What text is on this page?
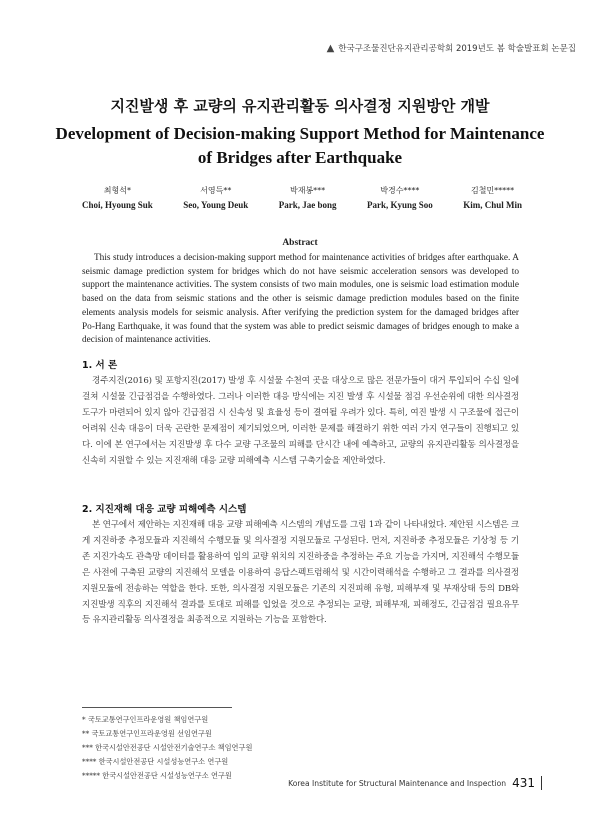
▲ 한국구조물진단유지관리공학회 2019년도 봄 학술발표회 논문집
지진발생 후 교량의 유지관리활동 의사결정 지원방안 개발
Development of Decision-making Support Method for Maintenance
of Bridges after Earthquake
최형석*
Choi, Hyoung Suk
서영득**
Seo, Young Deuk
박재봉***
Park, Jae bong
박경수****
Park, Kyung Soo
김철민*****
Kim, Chul Min
Abstract
This study introduces a decision-making support method for maintenance activities of bridges after earthquake. A seismic damage prediction system for bridges which do not have seismic acceleration sensors was developed to support the maintenance activities. The system consists of two main modules, one is seismic load estimation module based on the data from seismic stations and the other is seismic damage prediction modules based on the finite elements analysis models for seismic analysis. After verifying the prediction system for the damaged bridges after Po-Hang Earthquake, it was found that the system was able to predict seismic damages of bridges enough to make a decision of maintenance activities.
1. 서 론
경주지진(2016) 및 포항지진(2017) 발생 후 시설물 수천여 곳을 대상으로 많은 전문가들이 대거 투입되어 수십 일에 걸쳐 시설물 긴급점검을 수행하였다. 그러나 이러한 대응 방식에는 지진 발생 후 시설물 점검 우선순위에 대한 의사결정 도구가 마련되어 있지 않아 긴급점검 시 신속성 및 효율성 등이 결여될 우려가 있다. 특히, 여진 발생 시 구조물에 접근이 어려워 신속 대응이 더욱 곤란한 문제점이 제기되었으며, 이러한 문제를 해결하기 위한 여러 가지 연구들이 진행되고 있다. 이에 본 연구에서는 지진발생 후 다수 교량 구조물의 피해를 단시간 내에 예측하고, 교량의 유지관리활동 의사결정을 신속히 지원할 수 있는 지진재해 대응 교량 피해예측 시스템 구축기술을 제안하였다.
2. 지진재해 대응 교량 피해예측 시스템
본 연구에서 제안하는 지진재해 대응 교량 피해예측 시스템의 개념도를 그림 1과 같이 나타내었다. 제안된 시스템은 크게 지진하중 추정모듈과 지진해석 수행모듈 및 의사결정 지원모듈로 구성된다. 먼저, 지진하중 추정모듈은 기상청 등 기존 지진가속도 관측망 데이터를 활용하여 임의 교량 위치의 지진하중을 추정하는 주요 기능을 가지며, 지진해석 수행모듈은 사전에 구축된 교량의 지진해석 모델을 이용하여 응답스펙트럼해석 및 시간이력해석을 수행하고 그 결과를 의사결정 지원모듈에 전송하는 역할을 한다. 또한, 의사결정 지원모듈은 기존의 지진피해 유형, 피해부재 및 부재상태 등의 DB와 지진발생 직후의 지진해석 결과를 토대로 피해를 입었을 것으로 추정되는 교량, 피해부재, 피해정도, 긴급점검 필요유무 등 유지관리활동 의사결정을 최종적으로 지원하는 기능을 포함한다.
* 국토교통연구인프라운영원 책임연구원
** 국토교통연구인프라운영원 선임연구원
*** 한국시설안전공단 시설안전기술연구소 책임연구원
**** 한국시설안전공단 시설성능연구소 연구원
***** 한국시설안전공단 시설성능연구소 연구원
Korea Institute for Structural Maintenance and Inspection 431
